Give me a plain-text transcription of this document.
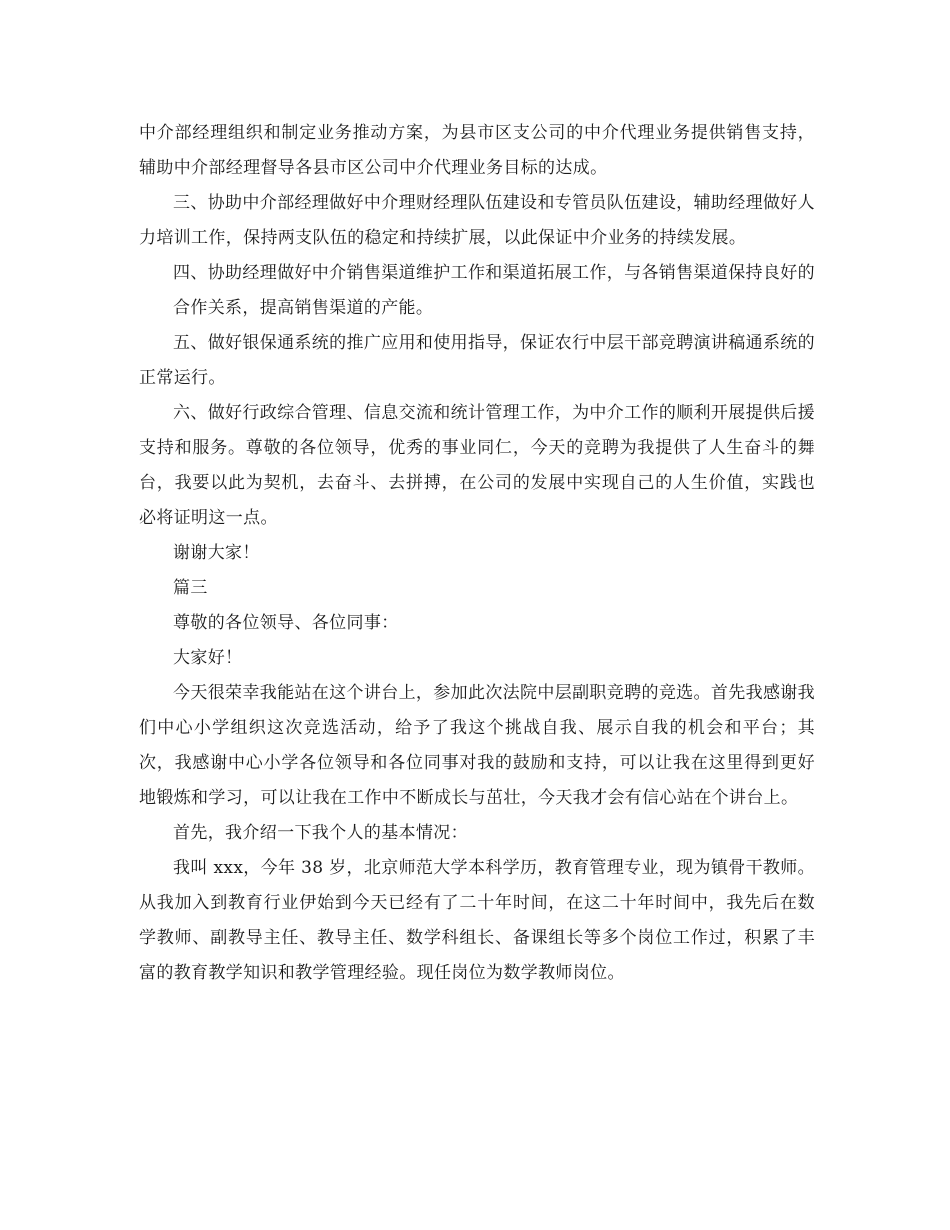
中介部经理组织和制定业务推动方案，为县市区支公司的中介代理业务提供销售支持，辅助中介部经理督导各县市区公司中介代理业务目标的达成。

三、协助中介部经理做好中介理财经理队伍建设和专管员队伍建设，辅助经理做好人力培训工作，保持两支队伍的稳定和持续扩展，以此保证中介业务的持续发展。

四、协助经理做好中介销售渠道维护工作和渠道拓展工作，与各销售渠道保持良好的

合作关系，提高销售渠道的产能。

五、做好银保通系统的推广应用和使用指导，保证农行中层干部竞聘演讲稿通系统的正常运行。

六、做好行政综合管理、信息交流和统计管理工作，为中介工作的顺利开展提供后援支持和服务。尊敬的各位领导，优秀的事业同仁，今天的竞聘为我提供了人生奋斗的舞台，我要以此为契机，去奋斗、去拼搏，在公司的发展中实现自己的人生价值，实践也必将证明这一点。

谢谢大家！

篇三

尊敬的各位领导、各位同事：

大家好！

今天很荣幸我能站在这个讲台上，参加此次法院中层副职竞聘的竞选。首先我感谢我们中心小学组织这次竞选活动，给予了我这个挑战自我、展示自我的机会和平台；其次，我感谢中心小学各位领导和各位同事对我的鼓励和支持，可以让我在这里得到更好地锻炼和学习，可以让我在工作中不断成长与茁壮，今天我才会有信心站在个讲台上。

首先，我介绍一下我个人的基本情况：

我叫 xxx，今年 38 岁，北京师范大学本科学历，教育管理专业，现为镇骨干教师。从我加入到教育行业伊始到今天已经有了二十年时间，在这二十年时间中，我先后在数学教师、副教导主任、教导主任、数学科组长、备课组长等多个岗位工作过，积累了丰富的教育教学知识和教学管理经验。现任岗位为数学教师岗位。
